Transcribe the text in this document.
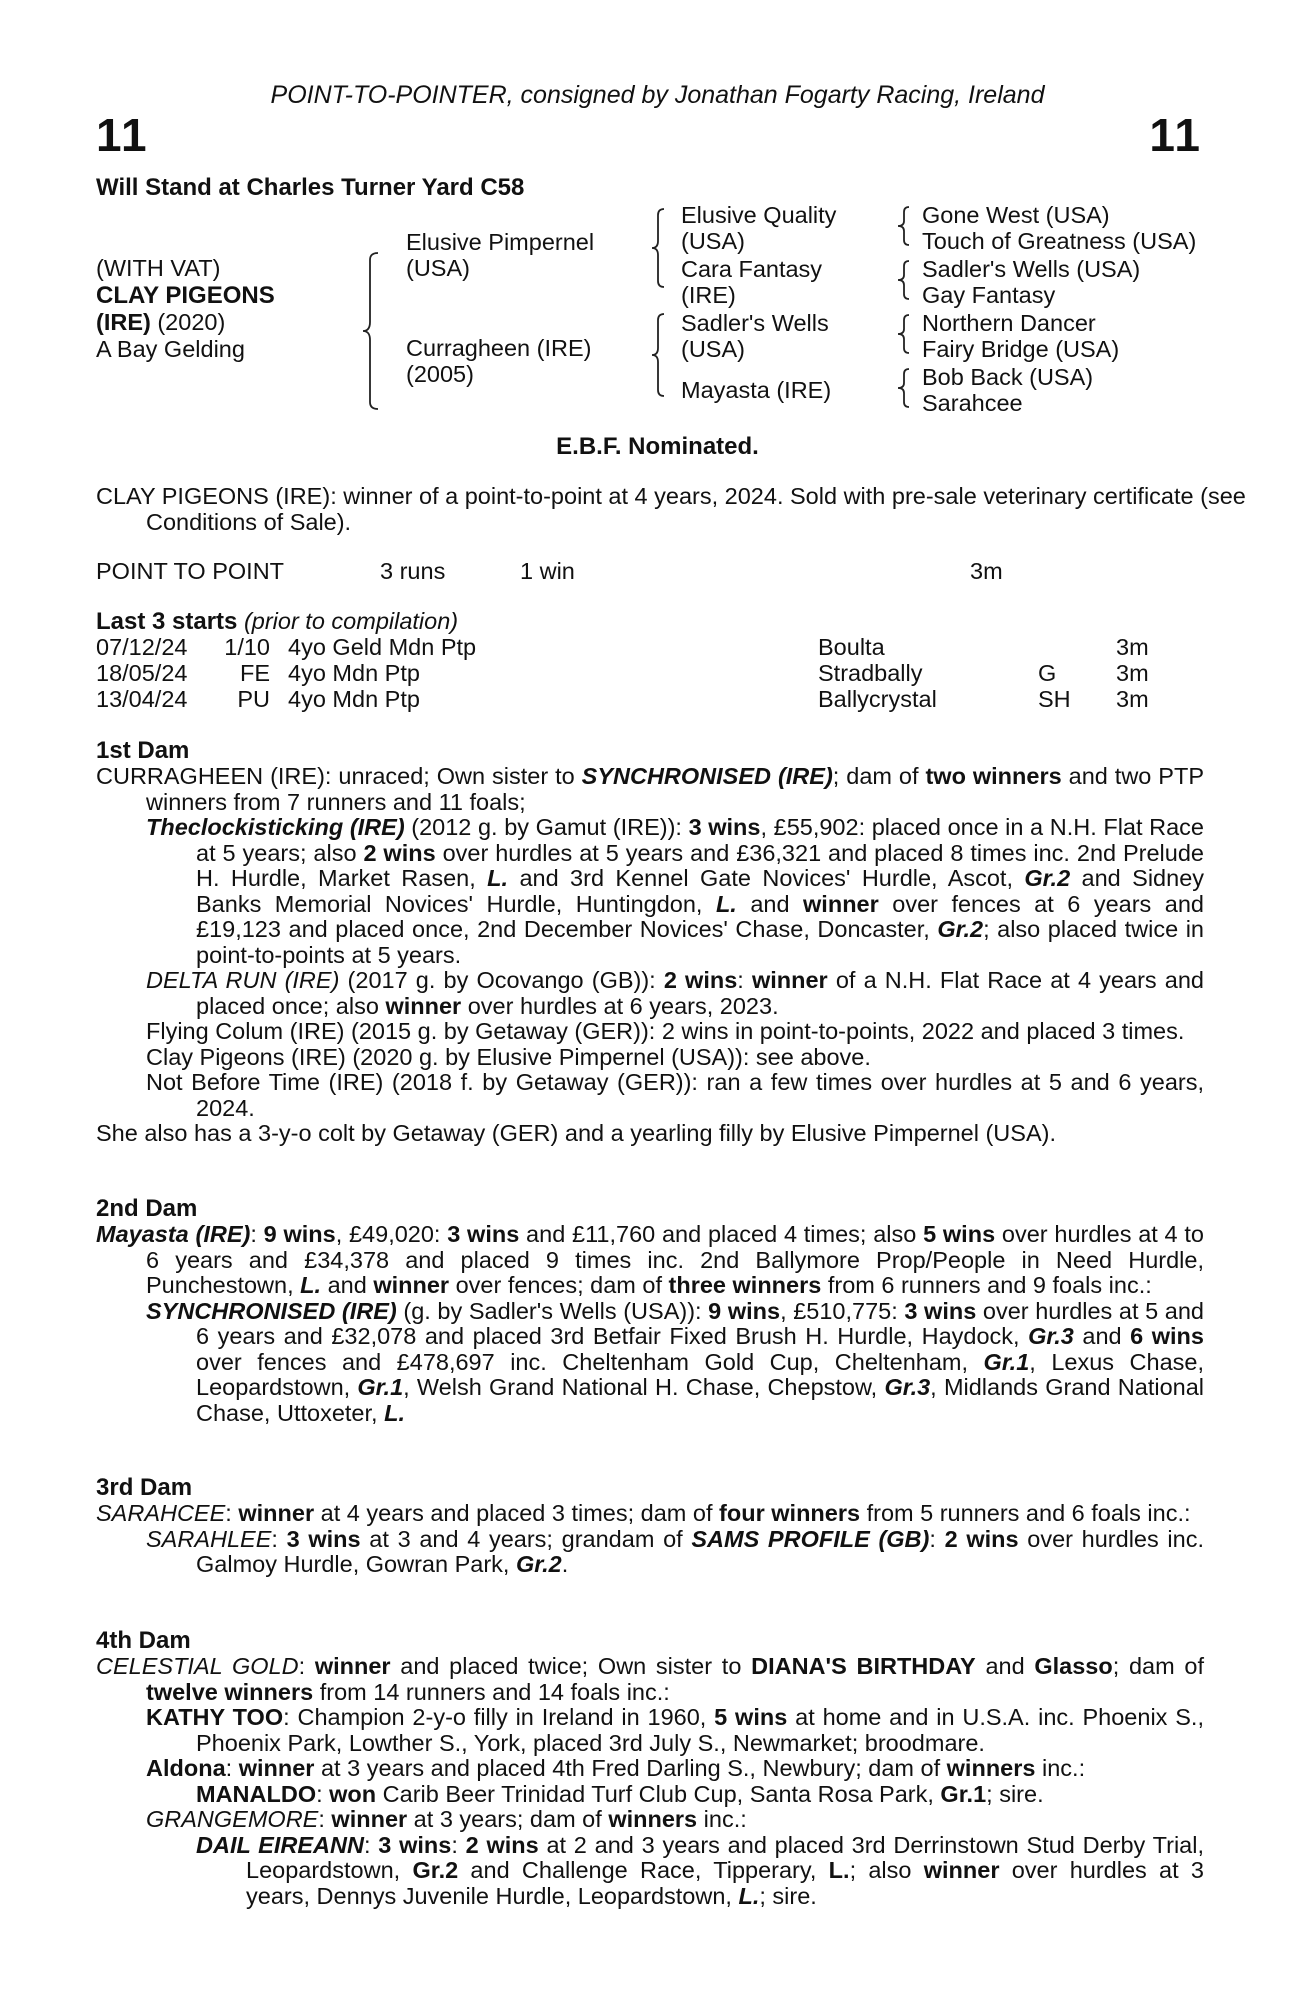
POINT-TO-POINTER, consigned by Jonathan Fogarty Racing, Ireland
11	11
Will Stand at Charles Turner Yard C58
(WITH VAT)
CLAY PIGEONS
(IRE) (2020)
A Bay Gelding
Elusive Pimpernel
(USA)
Curragheen (IRE)
(2005)
Elusive Quality
(USA)
Cara Fantasy
(IRE)
Sadler's Wells
(USA)
Mayasta (IRE)
Gone West (USA)
Touch of Greatness (USA)
Sadler's Wells (USA)
Gay Fantasy
Northern Dancer
Fairy Bridge (USA)
Bob Back (USA)
Sarahcee
E.B.F. Nominated.
CLAY PIGEONS (IRE): winner of a point-to-point at 4 years, 2024. Sold with pre-sale veterinary certificate (see Conditions of Sale).
POINT TO POINT	3 runs	1 win	3m
Last 3 starts (prior to compilation)
07/12/24	1/10 4yo Geld Mdn Ptp	Boulta	3m
18/05/24	FE 4yo Mdn Ptp	Stradbally	G	3m
13/04/24	PU 4yo Mdn Ptp	Ballycrystal	SH 3m
1st Dam
CURRAGHEEN (IRE): unraced; Own sister to SYNCHRONISED (IRE); dam of two winners and two PTP winners from 7 runners and 11 foals;
Theclockisticking (IRE) (2012 g. by Gamut (IRE)): 3 wins, £55,902: placed once in a N.H. Flat Race at 5 years; also 2 wins over hurdles at 5 years and £36,321 and placed 8 times inc. 2nd Prelude H. Hurdle, Market Rasen, L. and 3rd Kennel Gate Novices' Hurdle, Ascot, Gr.2 and Sidney Banks Memorial Novices' Hurdle, Huntingdon, L. and winner over fences at 6 years and £19,123 and placed once, 2nd December Novices' Chase, Doncaster, Gr.2; also placed twice in point-to-points at 5 years.
DELTA RUN (IRE) (2017 g. by Ocovango (GB)): 2 wins: winner of a N.H. Flat Race at 4 years and placed once; also winner over hurdles at 6 years, 2023.
Flying Colum (IRE) (2015 g. by Getaway (GER)): 2 wins in point-to-points, 2022 and placed 3 times.
Clay Pigeons (IRE) (2020 g. by Elusive Pimpernel (USA)): see above.
Not Before Time (IRE) (2018 f. by Getaway (GER)): ran a few times over hurdles at 5 and 6 years, 2024.
She also has a 3-y-o colt by Getaway (GER) and a yearling filly by Elusive Pimpernel (USA).
2nd Dam
Mayasta (IRE): 9 wins, £49,020: 3 wins and £11,760 and placed 4 times; also 5 wins over hurdles at 4 to 6 years and £34,378 and placed 9 times inc. 2nd Ballymore Prop/People in Need Hurdle, Punchestown, L. and winner over fences; dam of three winners from 6 runners and 9 foals inc.:
SYNCHRONISED (IRE) (g. by Sadler's Wells (USA)): 9 wins, £510,775: 3 wins over hurdles at 5 and 6 years and £32,078 and placed 3rd Betfair Fixed Brush H. Hurdle, Haydock, Gr.3 and 6 wins over fences and £478,697 inc. Cheltenham Gold Cup, Cheltenham, Gr.1, Lexus Chase, Leopardstown, Gr.1, Welsh Grand National H. Chase, Chepstow, Gr.3, Midlands Grand National Chase, Uttoxeter, L.
3rd Dam
SARAHCEE: winner at 4 years and placed 3 times; dam of four winners from 5 runners and 6 foals inc.:
SARAHLEE: 3 wins at 3 and 4 years; grandam of SAMS PROFILE (GB): 2 wins over hurdles inc. Galmoy Hurdle, Gowran Park, Gr.2.
4th Dam
CELESTIAL GOLD: winner and placed twice; Own sister to DIANA'S BIRTHDAY and Glasso; dam of twelve winners from 14 runners and 14 foals inc.:
KATHY TOO: Champion 2-y-o filly in Ireland in 1960, 5 wins at home and in U.S.A. inc. Phoenix S., Phoenix Park, Lowther S., York, placed 3rd July S., Newmarket; broodmare.
Aldona: winner at 3 years and placed 4th Fred Darling S., Newbury; dam of winners inc.:
MANALDO: won Carib Beer Trinidad Turf Club Cup, Santa Rosa Park, Gr.1; sire.
GRANGEMORE: winner at 3 years; dam of winners inc.:
DAIL EIREANN: 3 wins: 2 wins at 2 and 3 years and placed 3rd Derrinstown Stud Derby Trial, Leopardstown, Gr.2 and Challenge Race, Tipperary, L.; also winner over hurdles at 3 years, Dennys Juvenile Hurdle, Leopardstown, L.; sire.
